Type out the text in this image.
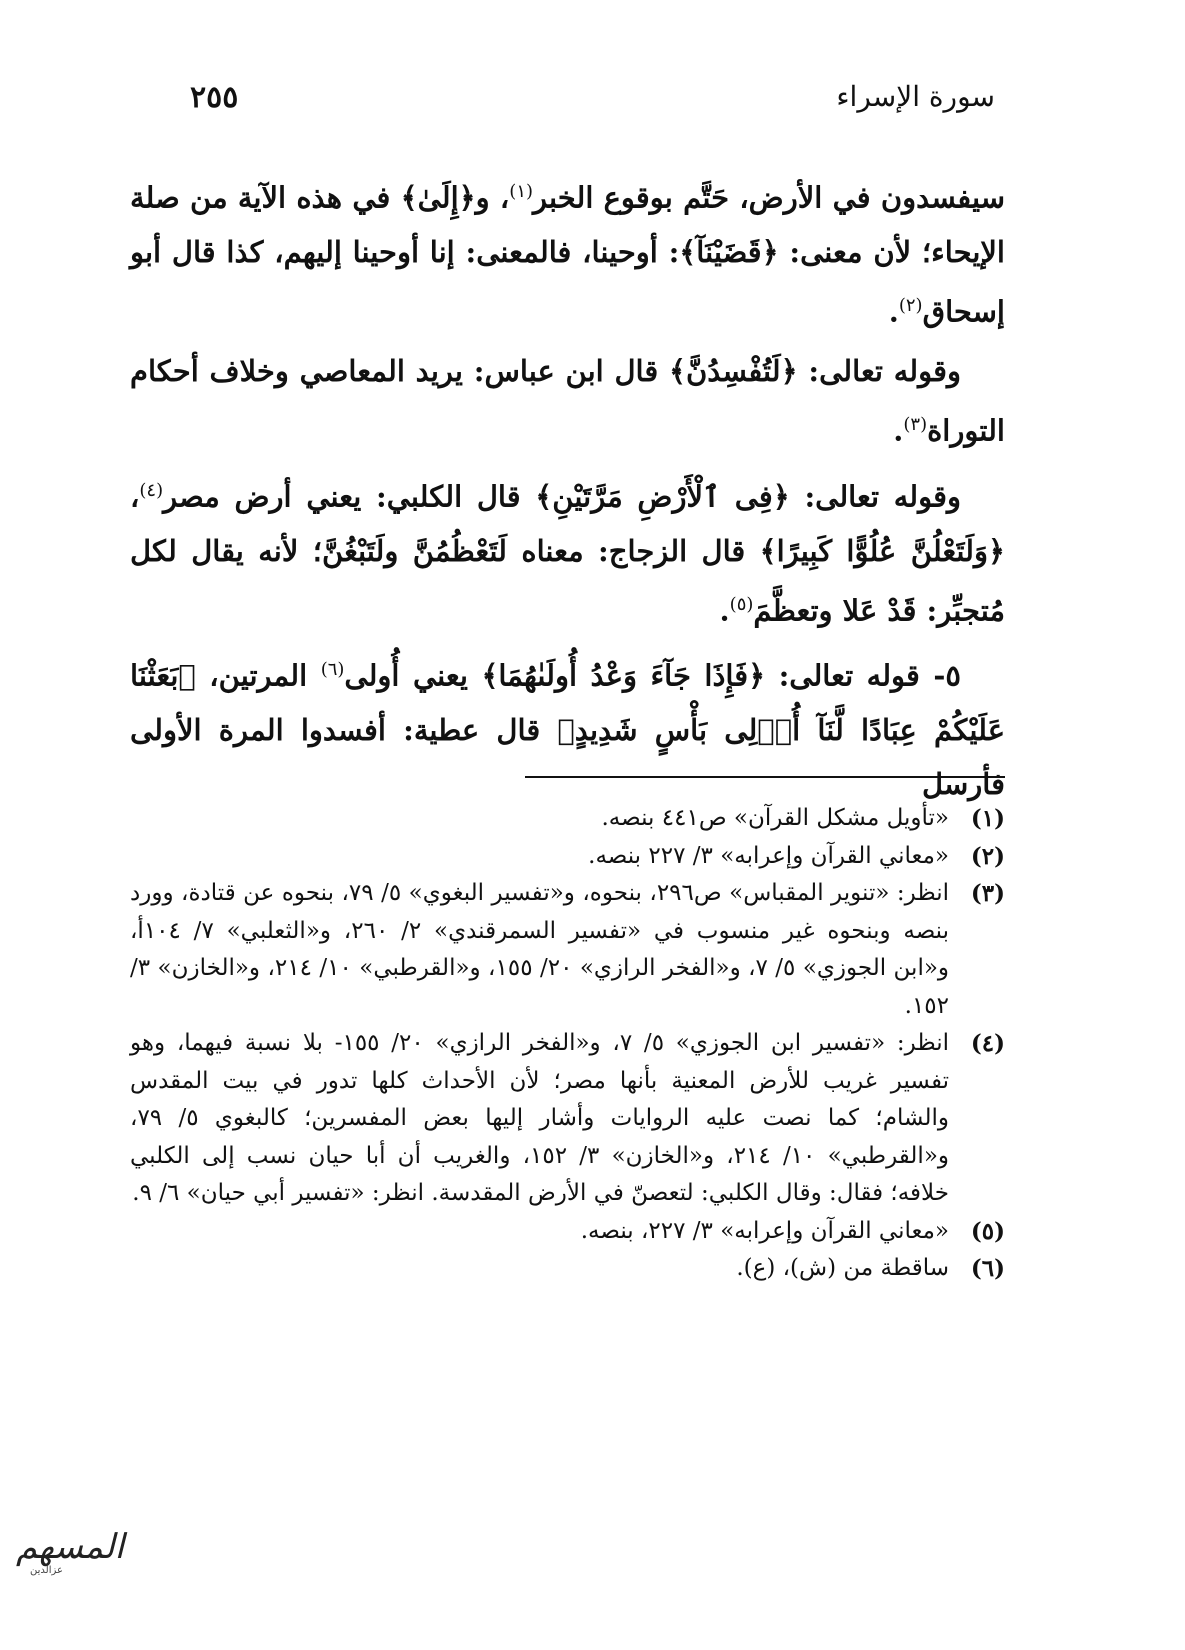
سورة الإسراء
٢٥٥

سيفسدون في الأرض، حَتَّم بوقوع الخبر$^{(١)}$، و﴿إِلَىٰ﴾ في هذه الآية من صلة الإيحاء؛ لأن معنى: ﴿قَضَيْنَآ﴾: أوحينا، فالمعنى: إنا أوحينا إليهم، كذا قال أبو إسحاق$^{(٢)}$.

وقوله تعالى: ﴿لَتُفْسِدُنَّ﴾ قال ابن عباس: يريد المعاصي وخلاف أحكام التوراة$^{(٣)}$.

وقوله تعالى: ﴿فِى ٱلْأَرْضِ مَرَّتَيْنِ﴾ قال الكلبي: يعني أرض مصر$^{(٤)}$، ﴿وَلَتَعْلُنَّ عُلُوًّا كَبِيرًا﴾ قال الزجاج: معناه لَتَعْظُمُنَّ ولَتَبْغُنَّ؛ لأنه يقال لكل مُتجبِّر: قَدْ عَلا وتعظَّمَ$^{(٥)}$.

٥- قوله تعالى: ﴿فَإِذَا جَآءَ وَعْدُ أُولَىٰهُمَا﴾ يعني أُولى$^{(٦)}$ المرتين، ﴿بَعَثْنَا عَلَيْكُمْ عِبَادًا لَّنَآ أُو۟لِى بَأْسٍ شَدِيدٍ﴾ قال عطية: أفسدوا المرة الأولى فأرسل

(١)
«تأويل مشكل القرآن» ص٤٤١ بنصه.
(٢)
«معاني القرآن وإعرابه» ٣/ ٢٢٧ بنصه.
(٣)
انظر: «تنوير المقباس» ص٢٩٦، بنحوه، و«تفسير البغوي» ٥/ ٧٩، بنحوه عن قتادة، وورد بنصه وبنحوه غير منسوب في «تفسير السمرقندي» ٢/ ٢٦٠، و«الثعلبي» ٧/ ١٠٤أ، و«ابن الجوزي» ٥/ ٧، و«الفخر الرازي» ٢٠/ ١٥٥، و«القرطبي» ١٠/ ٢١٤، و«الخازن» ٣/ ١٥٢.
(٤)
انظر: «تفسير ابن الجوزي» ٥/ ٧، و«الفخر الرازي» ٢٠/ ١٥٥- بلا نسبة فيهما، وهو تفسير غريب للأرض المعنية بأنها مصر؛ لأن الأحداث كلها تدور في بيت المقدس والشام؛ كما نصت عليه الروايات وأشار إليها بعض المفسرين؛ كالبغوي ٥/ ٧٩، و«القرطبي» ١٠/ ٢١٤، و«الخازن» ٣/ ١٥٢، والغريب أن أبا حيان نسب إلى الكلبي خلافه؛ فقال: وقال الكلبي: لتعصنّ في الأرض المقدسة. انظر: «تفسير أبي حيان» ٦/ ٩.
(٥)
«معاني القرآن وإعرابه» ٣/ ٢٢٧، بنصه.
(٦)
ساقطة من (ش)، (ع).
المسهم
عزالدين
